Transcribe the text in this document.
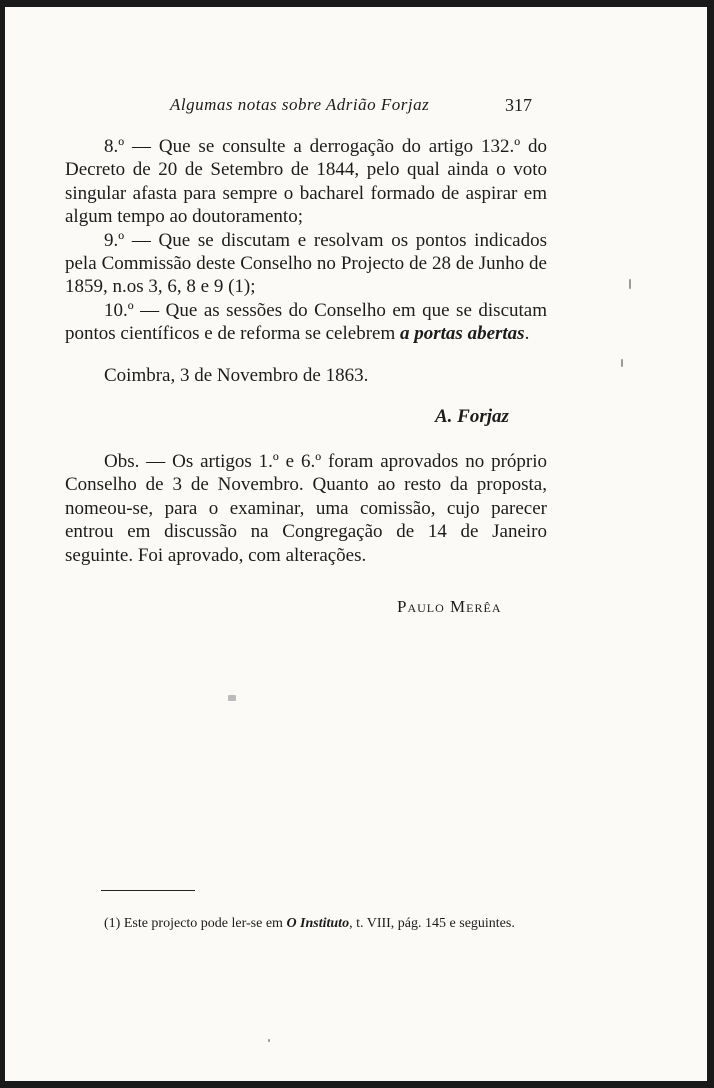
Algumas notas sobre Adrião Forjaz	317

8.º — Que se consulte a derrogação do artigo 132.º do Decreto de 20 de Setembro de 1844, pelo qual ainda o voto singular afasta para sempre o bacharel formado de aspirar em algum tempo ao doutoramento;

9.º — Que se discutam e resolvam os pontos indicados pela Commissão deste Conselho no Projecto de 28 de Junho de 1859, n.os 3, 6, 8 e 9 (1);

10.º — Que as sessões do Conselho em que se discutam pontos científicos e de reforma se celebrem a portas abertas.

Coimbra, 3 de Novembro de 1863.
A. Forjaz
Obs. — Os artigos 1.º e 6.º foram aprovados no próprio Conselho de 3 de Novembro. Quanto ao resto da proposta, nomeou-se, para o examinar, uma comissão, cujo parecer entrou em discussão na Congregação de 14 de Janeiro seguinte. Foi aprovado, com alterações.
Paulo Merêa
(1) Este projecto pode ler-se em O Instituto, t. VIII, pág. 145 e seguintes.
